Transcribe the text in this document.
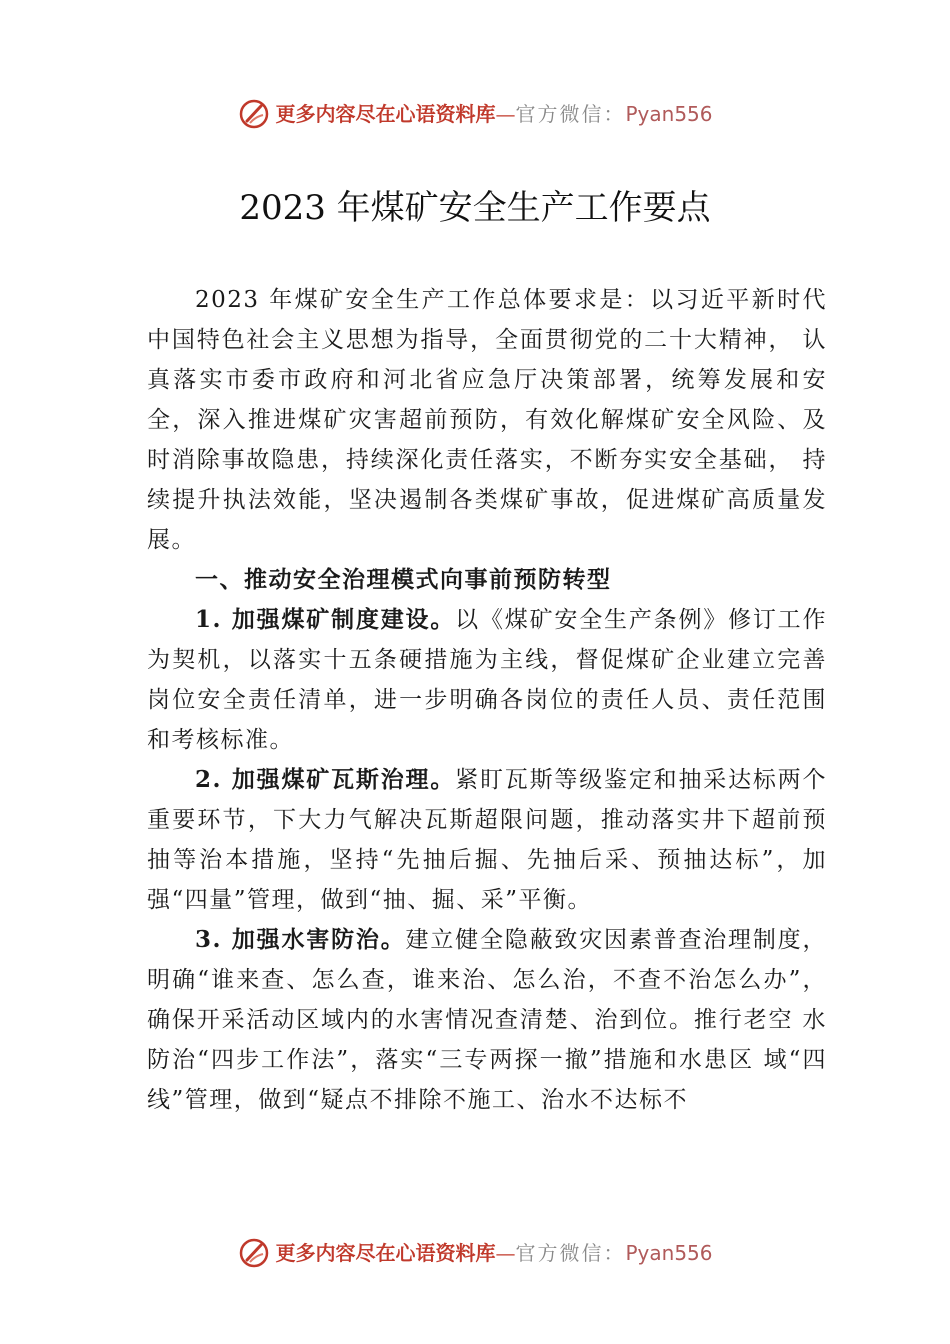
更多内容尽在心语资料库 — 官方微信： Pyan556
2023 年煤矿安全生产工作要点

2023 年煤矿安全生产工作总体要求是：以习近平新时代中国特色社会主义思想为指导，全面贯彻党的二十大精神， 认真落实市委市政府和河北省应急厅决策部署，统筹发展和安全，深入推进煤矿灾害超前预防，有效化解煤矿安全风险、及时消除事故隐患，持续深化责任落实，不断夯实安全基础， 持续提升执法效能，坚决遏制各类煤矿事故，促进煤矿高质量发展。

一、推动安全治理模式向事前预防转型

1. 加强煤矿制度建设。以《煤矿安全生产条例》修订工作为契机，以落实十五条硬措施为主线，督促煤矿企业建立完善岗位安全责任清单，进一步明确各岗位的责任人员、责任范围和考核标准。

2. 加强煤矿瓦斯治理。紧盯瓦斯等级鉴定和抽采达标两个重要环节，下大力气解决瓦斯超限问题，推动落实井下超前预抽等治本措施，坚持“先抽后掘、先抽后采、预抽达标”，加强“四量”管理，做到“抽、掘、采”平衡。

3. 加强水害防治。建立健全隐蔽致灾因素普查治理制度，明确“谁来查、怎么查，谁来治、怎么治，不查不治怎么办”， 确保开采活动区域内的水害情况查清楚、治到位。推行老空 水防治“四步工作法”，落实“三专两探一撤”措施和水患区 域“四线”管理，做到“疑点不排除不施工、治水不达标不

更多内容尽在心语资料库 — 官方微信： Pyan556
